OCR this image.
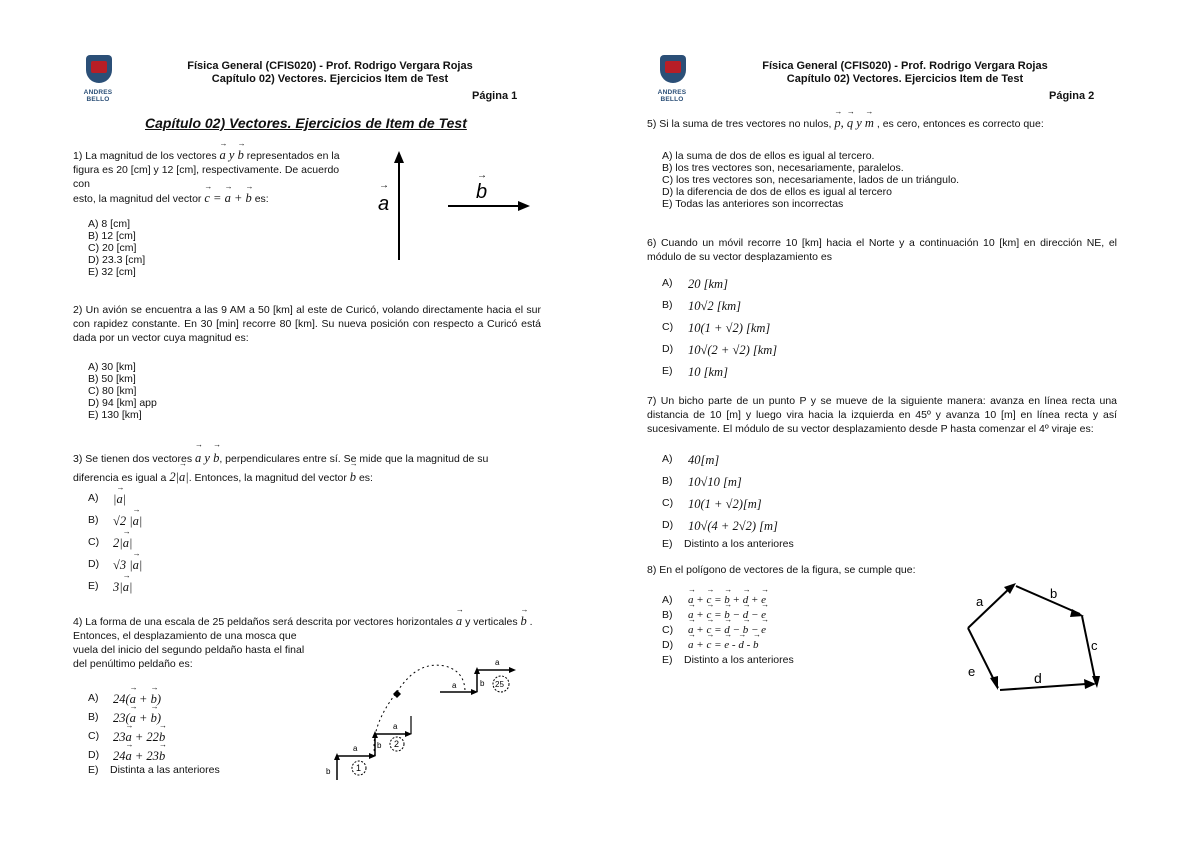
ANDRES BELLO
Física General (CFIS020) - Prof. Rodrigo Vergara Rojas
Capítulo 02) Vectores. Ejercicios Item de Test
Página 1
Capítulo 02) Vectores. Ejercicios de Item de Test
1) La magnitud de los vectores → a y → b representados en la
figura es 20 [cm] y 12 [cm], respectivamente. De acuerdo con
esto, la magnitud del vector → c = → a + → b es:
A) 8 [cm]
B) 12 [cm]
C) 20 [cm]
D) 23.3 [cm]
E) 32 [cm]
a
→	b
→
2) Un avión se encuentra a las 9 AM a 50 [km] al este de Curicó, volando directamente hacia el sur con rapidez constante. En 30 [min] recorre 80 [km]. Su nueva posición con respecto a Curicó está dada por un vector cuya magnitud es:
A) 30 [km]
B) 50 [km]
C) 80 [km]
D) 94 [km] app
E) 130 [km]
3) Se tienen dos vectores → a y → b, perpendiculares entre sí. Se mide que la magnitud de su
diferencia es igual a 2|→ a|. Entonces, la magnitud del vector → b es:
A)	|→ a|
B)	√2 |→ a|
C)	2|→ a|
D)	√3 |→ a|
E)	3|→ a|
4) La forma de una escala de 25 peldaños será descrita por vectores horizontales → a y verticales → b .
Entonces, el desplazamiento de una mosca que
vuela del inicio del segundo peldaño hasta el final
del penúltimo peldaño es:
A)	24(→ a + → b)
B)	23(→ a + → b)
C)	23→ a + 22→ b
D)	24→ a + 23→ b
E)	Distinta a las anteriores	b
a b
a
a	b
a
1
2
25
ANDRES BELLO
Física General (CFIS020) - Prof. Rodrigo Vergara Rojas
Capítulo 02) Vectores. Ejercicios Item de Test
Página 2
5) Si la suma de tres vectores no nulos, → p, → q y → m , es cero, entonces es correcto que:
A) la suma de dos de ellos es igual al tercero.
B) los tres vectores son, necesariamente, paralelos.
C) los tres vectores son, necesariamente, lados de un triángulo.
D) la diferencia de dos de ellos es igual al tercero
E) Todas las anteriores son incorrectas
6) Cuando un móvil recorre 10 [km] hacia el Norte y a continuación 10 [km] en dirección NE, el módulo de su vector desplazamiento es
A)	20 [km]
B)	10√2 [km]
C)	10(1 + √2) [km]
D)	10√(2 + √2) [km]
E)	10 [km]
7) Un bicho parte de un punto P y se mueve de la siguiente manera: avanza en línea recta una distancia de 10 [m] y luego vira hacia la izquierda en 45º y avanza 10 [m] en línea recta y así sucesivamente. El módulo de su vector desplazamiento desde P hasta comenzar el 4º viraje es:
A)	40[m]
B)	10√10 [m]
C)	10(1 + √2)[m]
D)	10√(4 + 2√2) [m]
E)	Distinto a los anteriores
8) En el polígono de vectores de la figura, se cumple que:
A)	→ a + → c = → b + → d + → e
B)	→ a + → c = → b − → d − → e
C)	→ a + → c = → d − → b − → e
D)	→ a + → c = → e - → d - → b
E)	Distinto a los anteriores
a
b
c
d
e
